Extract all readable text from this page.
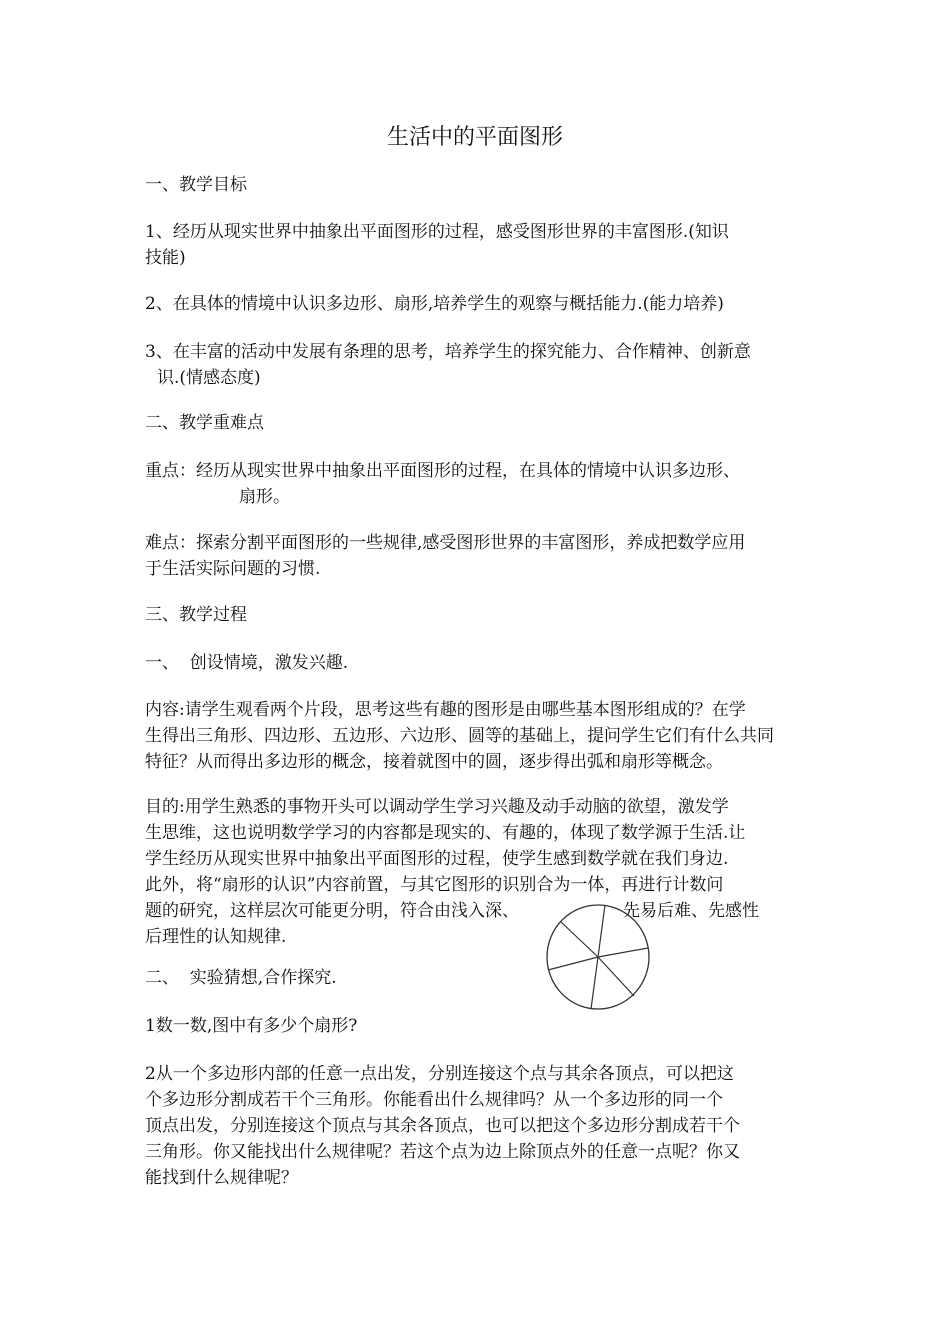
生活中的平面图形
一、教学目标
1、经历从现实世界中抽象出平面图形的过程，感受图形世界的丰富图形.(知识
技能)
2、在具体的情境中认识多边形、扇形,培养学生的观察与概括能力.(能力培养)
3、在丰富的活动中发展有条理的思考，培养学生的探究能力、合作精神、创新意
识.(情感态度)
二、教学重难点
重点：经历从现实世界中抽象出平面图形的过程，在具体的情境中认识多边形、
扇形。
难点：探索分割平面图形的一些规律,感受图形世界的丰富图形，养成把数学应用
于生活实际问题的习惯.
三、教学过程
一、  创设情境，激发兴趣.
内容:请学生观看两个片段，思考这些有趣的图形是由哪些基本图形组成的？在学
生得出三角形、四边形、五边形、六边形、圆等的基础上，提问学生它们有什么共同
特征？从而得出多边形的概念，接着就图中的圆，逐步得出弧和扇形等概念。
目的:用学生熟悉的事物开头可以调动学生学习兴趣及动手动脑的欲望，激发学
生思维，这也说明数学学习的内容都是现实的、有趣的，体现了数学源于生活.让
学生经历从现实世界中抽象出平面图形的过程，使学生感到数学就在我们身边.
此外，将“扇形的认识”内容前置，与其它图形的识别合为一体，再进行计数问
题的研究，这样层次可能更分明，符合由浅入深、	先易后难、先感性
后理性的认知规律.
二、  实验猜想,合作探究.
1数一数,图中有多少个扇形?
2从一个多边形内部的任意一点出发，分别连接这个点与其余各顶点，可以把这
个多边形分割成若干个三角形。你能看出什么规律吗？从一个多边形的同一个
顶点出发，分别连接这个顶点与其余各顶点，也可以把这个多边形分割成若干个
三角形。你又能找出什么规律呢？若这个点为边上除顶点外的任意一点呢？你又
能找到什么规律呢？
